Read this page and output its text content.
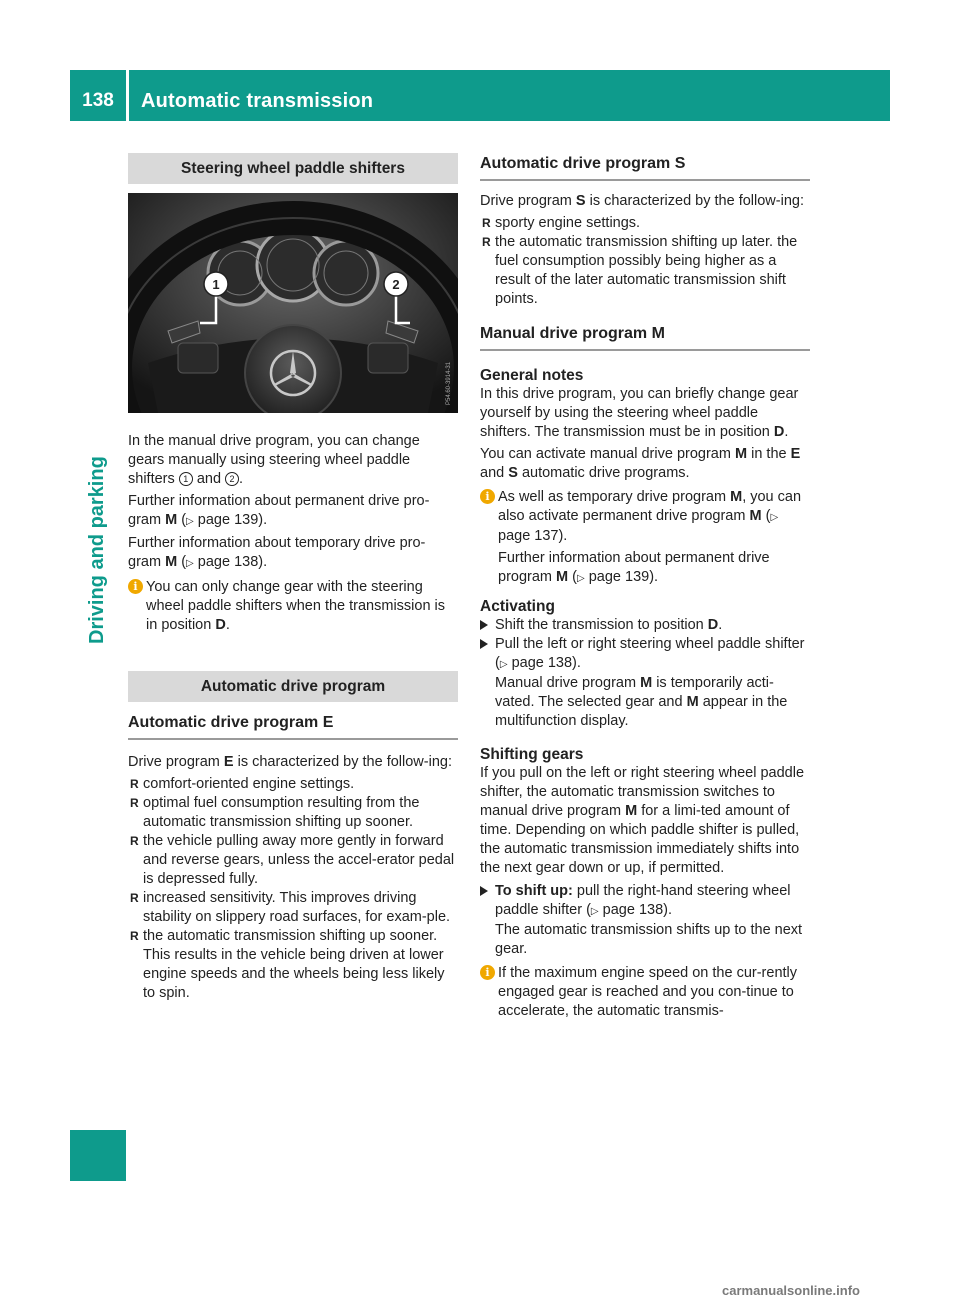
138	Automatic transmission
Driving and parking
Steering wheel paddle shifters
1	2
P54.60-3914-31

In the manual drive program, you can change gears manually using steering wheel paddle shifters 1 and 2 .

Further information about permanent drive pro-gram M (▷ page 139).

Further information about temporary drive pro-gram M (▷ page 138).

i You can only change gear with the steering wheel paddle shifters when the transmission is in position D.
Automatic drive program
Automatic drive program E

Drive program E is characterized by the follow-ing:

R comfort-oriented engine settings.
R optimal fuel consumption resulting from the automatic transmission shifting up sooner.
R the vehicle pulling away more gently in forward and reverse gears, unless the accel-erator pedal is depressed fully.
R increased sensitivity. This improves driving stability on slippery road surfaces, for exam-ple.
R the automatic transmission shifting up sooner. This results in the vehicle being driven at lower engine speeds and the wheels being less likely to spin.
Automatic drive program S

Drive program S is characterized by the follow-ing:

R sporty engine settings.
R the automatic transmission shifting up later. the fuel consumption possibly being higher as a result of the later automatic transmission shift points.
Manual drive program M
General notes

In this drive program, you can briefly change gear yourself by using the steering wheel paddle shifters. The transmission must be in position D.

You can activate manual drive program M in the E and S automatic drive programs.

i As well as temporary drive program M, you can also activate permanent drive program M (▷ page 137).

Further information about permanent drive program M (▷ page 139).

Activating
Shift the transmission to position D.
Pull the left or right steering wheel paddle shifter (▷ page 138).
Manual drive program M is temporarily acti-vated. The selected gear and M appear in the multifunction display.
Shifting gears

If you pull on the left or right steering wheel paddle shifter, the automatic transmission switches to manual drive program M for a limi-ted amount of time. Depending on which paddle shifter is pulled, the automatic transmission immediately shifts into the next gear down or up, if permitted.

To shift up: pull the right-hand steering wheel paddle shifter (▷ page 138).
The automatic transmission shifts up to the next gear.
i If the maximum engine speed on the cur-rently engaged gear is reached and you con-tinue to accelerate, the automatic transmis-
carmanualsonline.info
